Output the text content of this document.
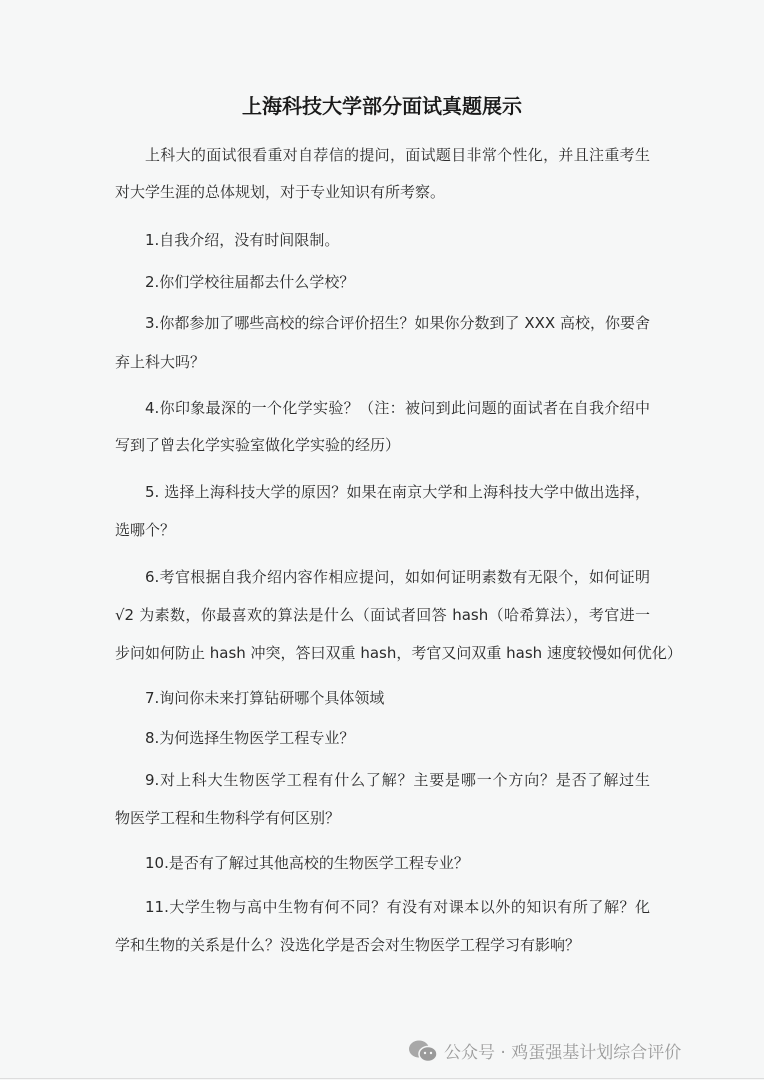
上海科技大学部分面试真题展示
上科大的面试很看重对自荐信的提问，面试题目非常个性化，并且注重考生
对大学生涯的总体规划，对于专业知识有所考察。
1.自我介绍，没有时间限制。
2.你们学校往届都去什么学校？
3.你都参加了哪些高校的综合评价招生？如果你分数到了 XXX 高校，你要舍
弃上科大吗？
4.你印象最深的一个化学实验？（注：被问到此问题的面试者在自我介绍中
写到了曾去化学实验室做化学实验的经历）
5. 选择上海科技大学的原因？如果在南京大学和上海科技大学中做出选择，
选哪个？
6.考官根据自我介绍内容作相应提问，如如何证明素数有无限个，如何证明
√2 为素数，你最喜欢的算法是什么（面试者回答 hash（哈希算法），考官进一
步问如何防止 hash 冲突，答曰双重 hash，考官又问双重 hash 速度较慢如何优化）
7.询问你未来打算钻研哪个具体领域
8.为何选择生物医学工程专业？
9.对上科大生物医学工程有什么了解？主要是哪一个方向？是否了解过生
物医学工程和生物科学有何区别？
10.是否有了解过其他高校的生物医学工程专业？
11.大学生物与高中生物有何不同？有没有对课本以外的知识有所了解？化
学和生物的关系是什么？没选化学是否会对生物医学工程学习有影响？
公众号 · 鸡蛋强基计划综合评价
